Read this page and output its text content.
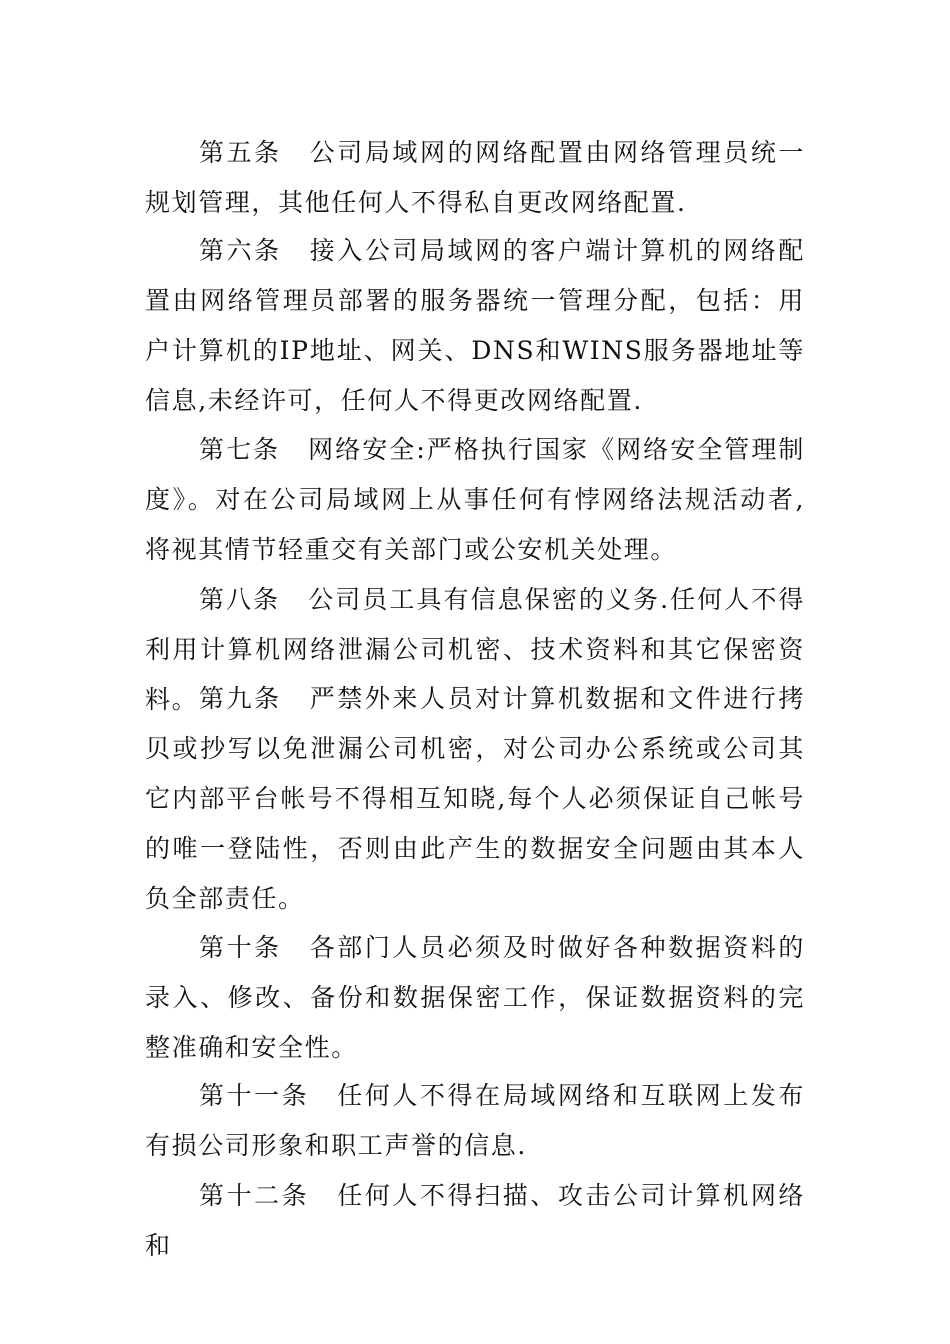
第五条 公司局域网的网络配置由网络管理员统一规划管理，其他任何人不得私自更改网络配置.

第六条 接入公司局域网的客户端计算机的网络配置由网络管理员部署的服务器统一管理分配，包括：用户计算机的IP地址、网关、DNS和WINS服务器地址等信息,未经许可，任何人不得更改网络配置.

第七条 网络安全:严格执行国家《网络安全管理制度》。对在公司局域网上从事任何有悖网络法规活动者,将视其情节轻重交有关部门或公安机关处理。

第八条 公司员工具有信息保密的义务.任何人不得利用计算机网络泄漏公司机密、技术资料和其它保密资料。 第九条 严禁外来人员对计算机数据和文件进行拷贝或抄写以免泄漏公司机密，对公司办公系统或公司其它内部平台帐号不得相互知晓,每个人必须保证自己帐号的唯一登陆性，否则由此产生的数据安全问题由其本人负全部责任。

第十条 各部门人员必须及时做好各种数据资料的录入、修改、备份和数据保密工作，保证数据资料的完整准确和安全性。

第十一条 任何人不得在局域网络和互联网上发布有损公司形象和职工声誉的信息.

第十二条 任何人不得扫描、攻击公司计算机网络和
